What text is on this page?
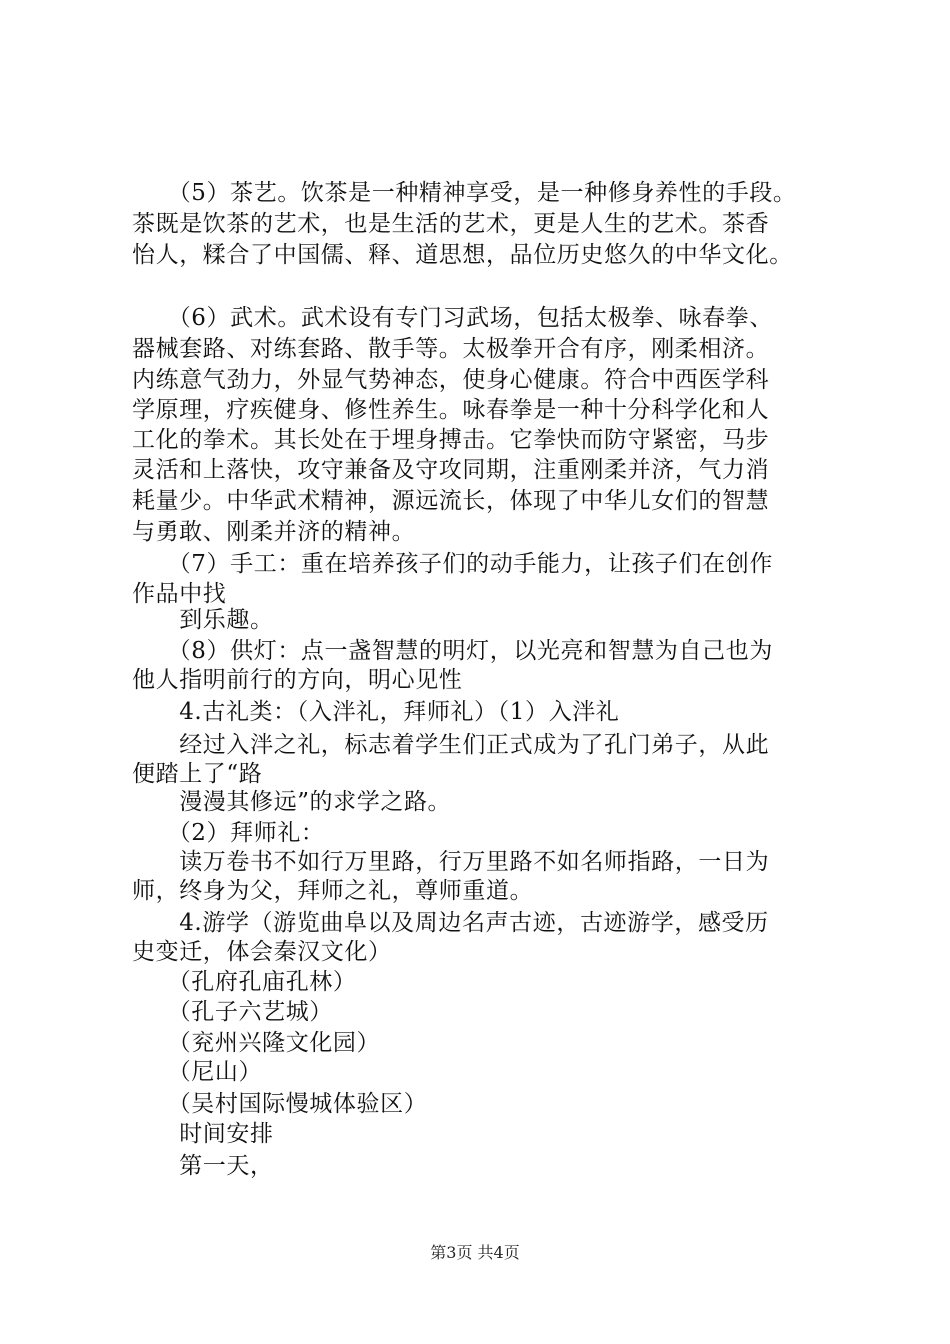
　　（5）茶艺。饮茶是一种精神享受，是一种修身养性的手段。
茶既是饮茶的艺术，也是生活的艺术，更是人生的艺术。茶香
怡人，糅合了中国儒、释、道思想，品位历史悠久的中华文化。
　　（6）武术。武术设有专门习武场，包括太极拳、咏春拳、
器械套路、对练套路、散手等。太极拳开合有序，刚柔相济。
内练意气劲力，外显气势神态，使身心健康。符合中西医学科
学原理，疗疾健身、修性养生。咏春拳是一种十分科学化和人
工化的拳术。其长处在于埋身搏击。它拳快而防守紧密，马步
灵活和上落快，攻守兼备及守攻同期，注重刚柔并济，气力消
耗量少。中华武术精神，源远流长，体现了中华儿女们的智慧
与勇敢、刚柔并济的精神。
　　（7）手工：重在培养孩子们的动手能力，让孩子们在创作
作品中找
　　到乐趣。
　　（8）供灯：点一盏智慧的明灯，以光亮和智慧为自己也为
他人指明前行的方向，明心见性
　　4.古礼类：（入泮礼，拜师礼）（1）入泮礼
　　经过入泮之礼，标志着学生们正式成为了孔门弟子，从此
便踏上了“路
　　漫漫其修远”的求学之路。
　　（2）拜师礼：
　　读万卷书不如行万里路，行万里路不如名师指路，一日为
师，终身为父，拜师之礼，尊师重道。
　　4.游学（游览曲阜以及周边名声古迹，古迹游学，感受历
史变迁，体会秦汉文化）
　　（孔府孔庙孔林）
　　（孔子六艺城）
　　（兖州兴隆文化园）
　　（尼山）
　　（吴村国际慢城体验区）
　　时间安排
　　第一天，
第3页 共4页
